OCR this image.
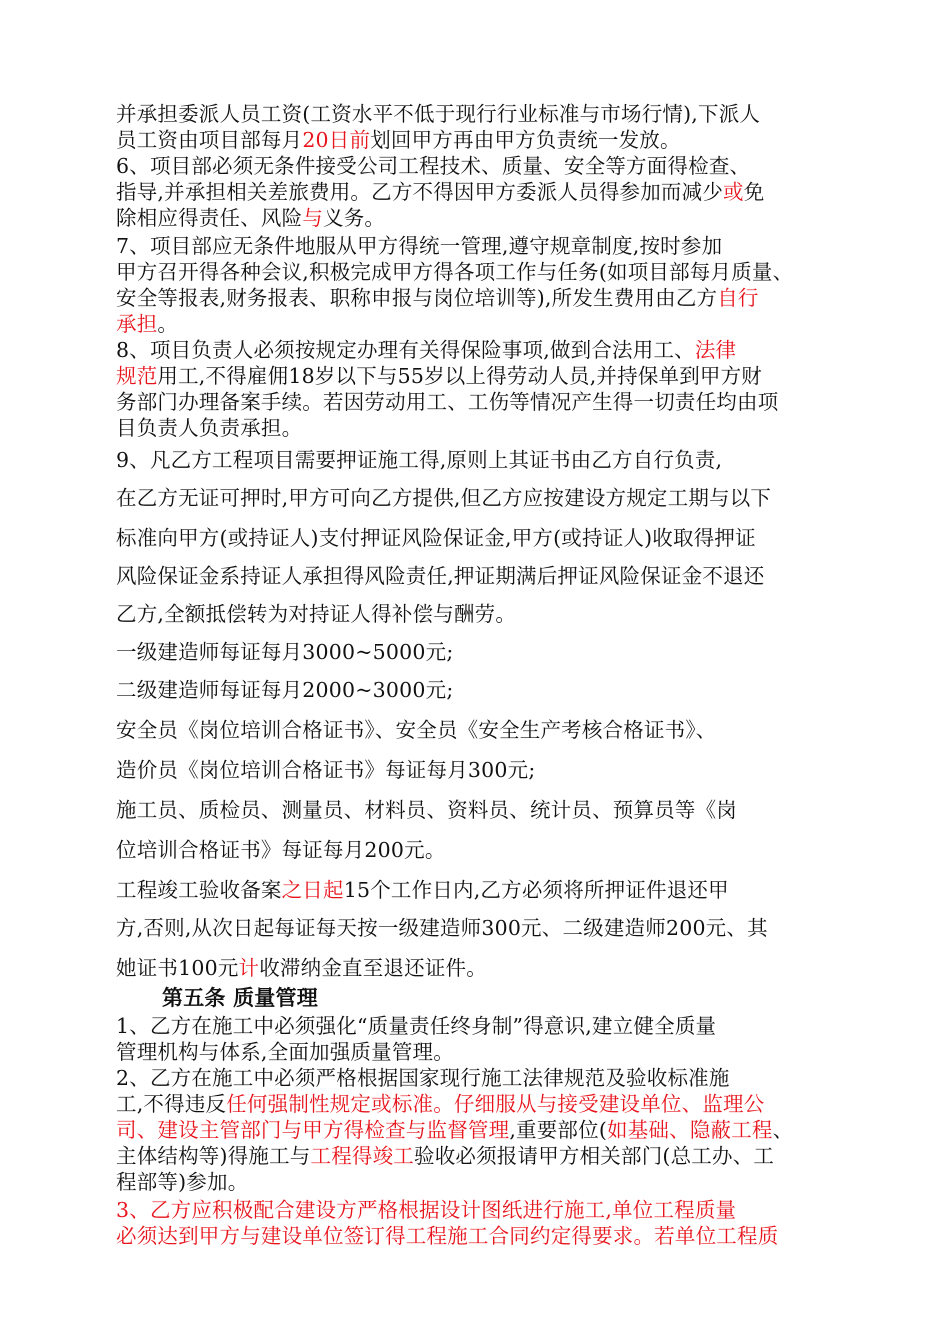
并承担委派人员工资(工资水平不低于现行行业标准与市场行情),下派人
员工资由项目部每月20日前划回甲方再由甲方负责统一发放。
6、项目部必须无条件接受公司工程技术、质量、安全等方面得检查、
指导,并承担相关差旅费用。乙方不得因甲方委派人员得参加而减少或免
除相应得责任、风险与义务。
7、项目部应无条件地服从甲方得统一管理,遵守规章制度,按时参加
甲方召开得各种会议,积极完成甲方得各项工作与任务(如项目部每月质量、
安全等报表,财务报表、职称申报与岗位培训等),所发生费用由乙方自行
承担。
8、项目负责人必须按规定办理有关得保险事项,做到合法用工、法律
规范用工,不得雇佣18岁以下与55岁以上得劳动人员,并持保单到甲方财
务部门办理备案手续。若因劳动用工、工伤等情况产生得一切责任均由项
目负责人负责承担。
9、凡乙方工程项目需要押证施工得,原则上其证书由乙方自行负责,
在乙方无证可押时,甲方可向乙方提供,但乙方应按建设方规定工期与以下
标准向甲方(或持证人)支付押证风险保证金,甲方(或持证人)收取得押证
风险保证金系持证人承担得风险责任,押证期满后押证风险保证金不退还
乙方,全额抵偿转为对持证人得补偿与酬劳。
一级建造师每证每月3000~5000元;
二级建造师每证每月2000~3000元;
安全员《岗位培训合格证书》、安全员《安全生产考核合格证书》、
造价员《岗位培训合格证书》每证每月300元;
施工员、质检员、测量员、材料员、资料员、统计员、预算员等《岗
位培训合格证书》每证每月200元。
工程竣工验收备案之日起15个工作日内,乙方必须将所押证件退还甲
方,否则,从次日起每证每天按一级建造师300元、二级建造师200元、其
她证书100元计收滞纳金直至退还证件。
第五条 质量管理
1、乙方在施工中必须强化“质量责任终身制”得意识,建立健全质量
管理机构与体系,全面加强质量管理。
2、乙方在施工中必须严格根据国家现行施工法律规范及验收标准施
工,不得违反任何强制性规定或标准。仔细服从与接受建设单位、监理公
司、建设主管部门与甲方得检查与监督管理,重要部位(如基础、隐蔽工程、
主体结构等)得施工与工程得竣工验收必须报请甲方相关部门(总工办、工
程部等)参加。
3、乙方应积极配合建设方严格根据设计图纸进行施工,单位工程质量
必须达到甲方与建设单位签订得工程施工合同约定得要求。若单位工程质
